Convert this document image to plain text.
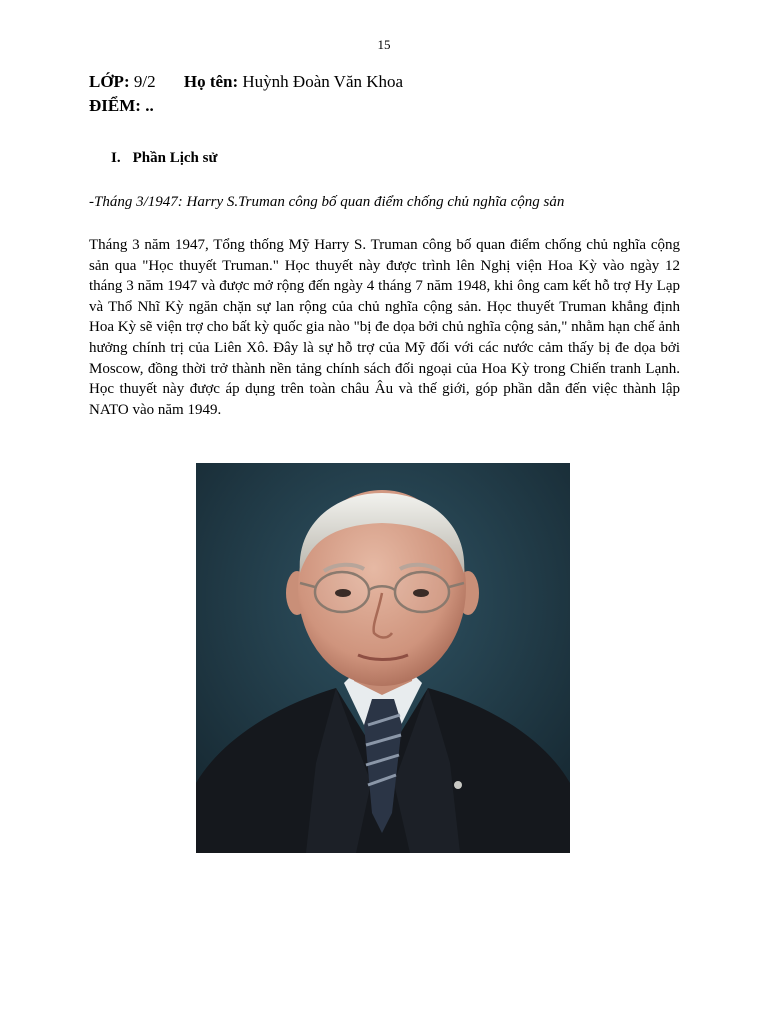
15
LỚP: 9/2 Họ tên: Huỳnh Đoàn Văn Khoa
ĐIỂM: ..
I. Phần Lịch sử
-Tháng 3/1947: Harry S.Truman công bố quan điểm chống chủ nghĩa cộng sản
Tháng 3 năm 1947, Tổng thống Mỹ Harry S. Truman công bố quan điểm chống chủ nghĩa cộng sản qua "Học thuyết Truman." Học thuyết này được trình lên Nghị viện Hoa Kỳ vào ngày 12 tháng 3 năm 1947 và được mở rộng đến ngày 4 tháng 7 năm 1948, khi ông cam kết hỗ trợ Hy Lạp và Thổ Nhĩ Kỳ ngăn chặn sự lan rộng của chủ nghĩa cộng sản. Học thuyết Truman khẳng định Hoa Kỳ sẽ viện trợ cho bất kỳ quốc gia nào "bị đe dọa bởi chủ nghĩa cộng sản," nhằm hạn chế ảnh hưởng chính trị của Liên Xô. Đây là sự hỗ trợ của Mỹ đối với các nước cảm thấy bị đe dọa bởi Moscow, đồng thời trở thành nền tảng chính sách đối ngoại của Hoa Kỳ trong Chiến tranh Lạnh. Học thuyết này được áp dụng trên toàn châu Âu và thế giới, góp phần dẫn đến việc thành lập NATO vào năm 1949.
